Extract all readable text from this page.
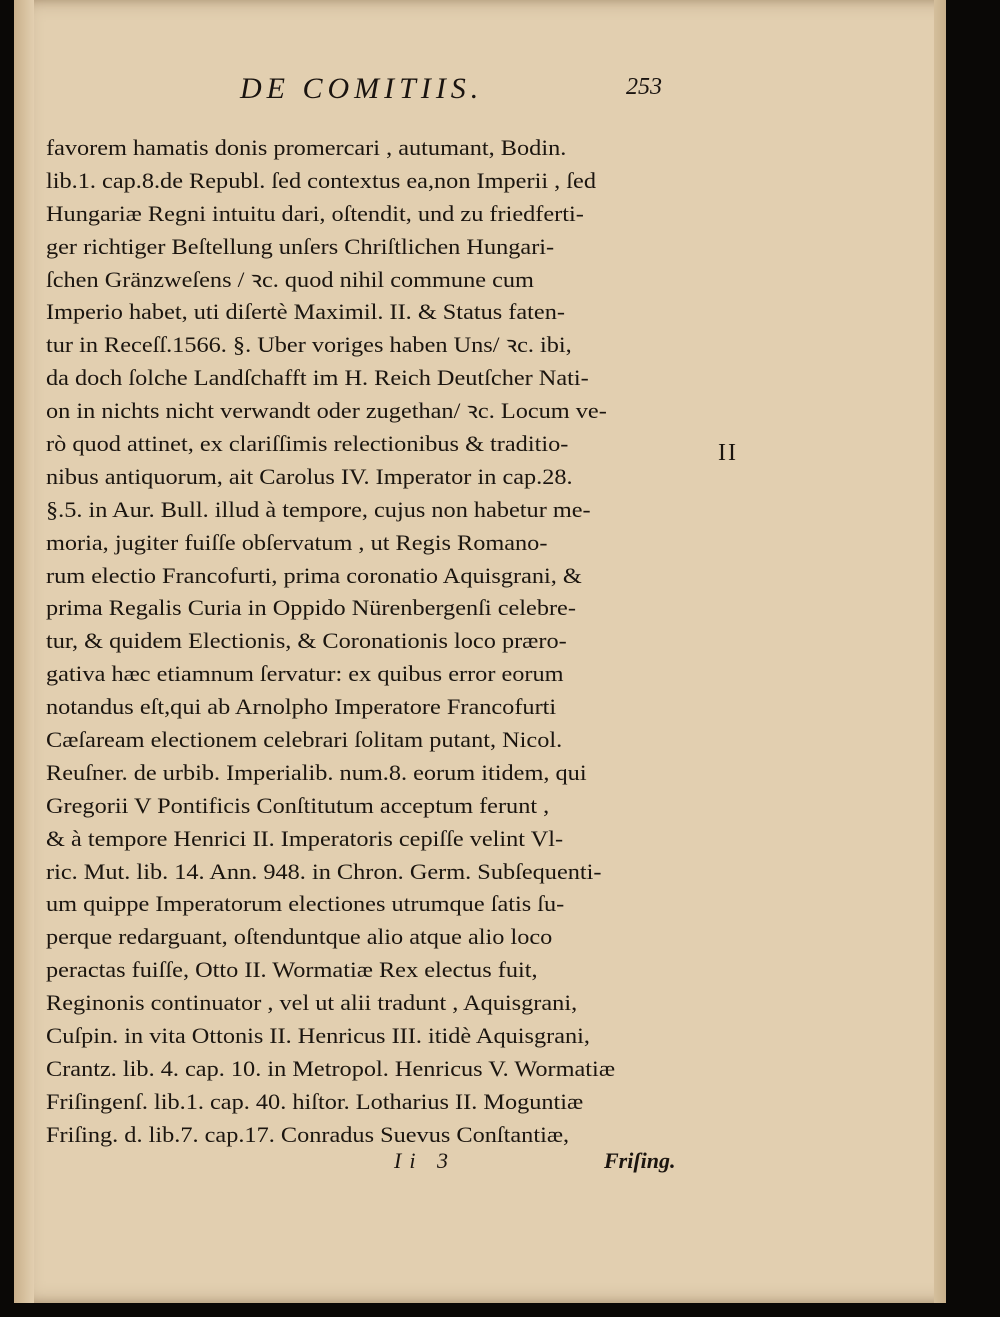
DE COMITIIS.	253
favorem hamatis donis promercari , autumant, Bodin.
lib.1. cap.8.de Republ. ſed contextus ea,non Imperii , ſed
Hungariæ Regni intuitu dari, oſtendit, und zu friedferti-
ger richtiger Beſtellung unſers Chriſtlichen Hungari-
ſchen Gränzweſens / ꝛc. quod nihil commune cum
Imperio habet, uti diſertè Maximil. II. & Status faten-
tur in Receſſ.1566. §. Uber voriges haben Uns/ ꝛc. ibi,
da doch ſolche Landſchafft im H. Reich Deutſcher Nati-
on in nichts nicht verwandt oder zugethan/ ꝛc. Locum ve-
rò quod attinet, ex clariſſimis relectionibus & traditio-
nibus antiquorum, ait Carolus IV. Imperator in cap.28.
§.5. in Aur. Bull. illud à tempore, cujus non habetur me-
moria, jugiter fuiſſe obſervatum , ut Regis Romano-
rum electio Francofurti, prima coronatio Aquisgrani, &
prima Regalis Curia in Oppido Nürenbergenſi celebre-
tur, & quidem Electionis, & Coronationis loco præro-
gativa hæc etiamnum ſervatur: ex quibus error eorum
notandus eſt,qui ab Arnolpho Imperatore Francofurti
Cæſaream electionem celebrari ſolitam putant, Nicol.
Reuſner. de urbib. Imperialib. num.8. eorum itidem, qui
Gregorii V Pontificis Conſtitutum acceptum ferunt ,
& à tempore Henrici II. Imperatoris cepiſſe velint Vl-
ric. Mut. lib. 14. Ann. 948. in Chron. Germ. Subſequenti-
um quippe Imperatorum electiones utrumque ſatis ſu-
perque redarguant, oſtenduntque alio atque alio loco
peractas fuiſſe, Otto II. Wormatiæ Rex electus fuit,
Reginonis continuator , vel ut alii tradunt , Aquisgrani,
Cuſpin. in vita Ottonis II. Henricus III. itidè Aquisgrani,
Crantz. lib. 4. cap. 10. in Metropol. Henricus V. Wormatiæ
Friſingenſ. lib.1. cap. 40. hiſtor. Lotharius II. Moguntiæ
Friſing. d. lib.7. cap.17. Conradus Suevus Conſtantiæ,
II
Ii 3	Friſing.
